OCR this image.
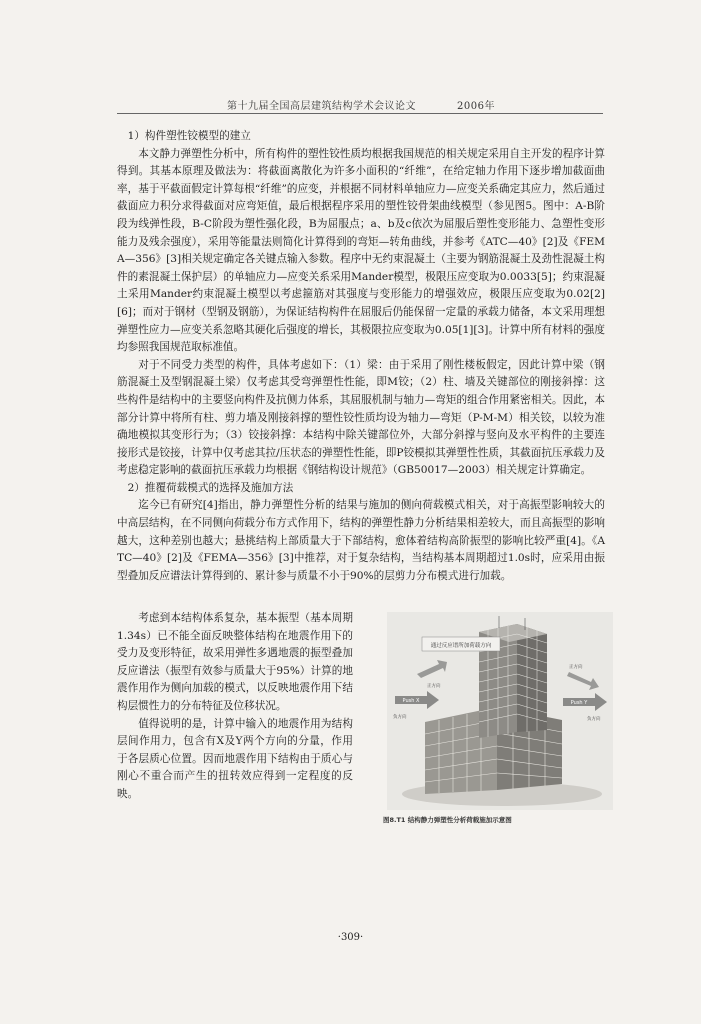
第十九届全国高层建筑结构学术会议论文	2006年

1）构件塑性铰模型的建立

本文静力弹塑性分析中，所有构件的塑性铰性质均根据我国规范的相关规定采用自主开发的程序计算得到。其基本原理及做法为：将截面离散化为许多小面积的“纤维”，在给定轴力作用下逐步增加截面曲率，基于平截面假定计算每根“纤维”的应变，并根据不同材料单轴应力—应变关系确定其应力，然后通过截面应力积分求得截面对应弯矩值，最后根据程序采用的塑性铰骨架曲线模型（参见图5。图中：A-B阶段为线弹性段，B-C阶段为塑性强化段，B为屈服点；a、b及c依次为屈服后塑性变形能力、急塑性变形能力及残余强度），采用等能量法则简化计算得到的弯矩—转角曲线，并参考《ATC—40》[2]及《FEMA—356》[3]相关规定确定各关键点输入参数。程序中无约束混凝土（主要为钢筋混凝土及劲性混凝土构件的素混凝土保护层）的单轴应力—应变关系采用Mander模型，极限压应变取为0.0033[5]；约束混凝土采用Mander约束混凝土模型以考虑箍筋对其强度与变形能力的增强效应，极限压应变取为0.02[2][6]；而对于钢材（型钢及钢筋），为保证结构构件在屈服后仍能保留一定量的承载力储备，本文采用理想弹塑性应力—应变关系忽略其硬化后强度的增长，其极限拉应变取为0.05[1][3]。计算中所有材料的强度均参照我国规范取标准值。

对于不同受力类型的构件，具体考虑如下：（1）梁：由于采用了刚性楼板假定，因此计算中梁（钢筋混凝土及型钢混凝土梁）仅考虑其受弯弹塑性性能，即M铰；（2）柱、墙及关键部位的刚接斜撑：这些构件是结构中的主要竖向构件及抗侧力体系，其屈服机制与轴力—弯矩的组合作用紧密相关。因此，本部分计算中将所有柱、剪力墙及刚接斜撑的塑性铰性质均设为轴力—弯矩（P-M-M）相关铰，以较为准确地模拟其变形行为；（3）铰接斜撑：本结构中除关键部位外，大部分斜撑与竖向及水平构件的主要连接形式是铰接，计算中仅考虑其拉/压状态的弹塑性性能，即P铰模拟其弹塑性性质，其截面抗压承载力及考虑稳定影响的截面抗压承载力均根据《钢结构设计规范》（GB50017—2003）相关规定计算确定。

2）推覆荷载模式的选择及施加方法

迄今已有研究[4]指出，静力弹塑性分析的结果与施加的侧向荷载模式相关，对于高振型影响较大的中高层结构，在不同侧向荷载分布方式作用下，结构的弹塑性静力分析结果相差较大，而且高振型的影响越大，这种差别也越大；悬挑结构上部质量大于下部结构，愈体着结构高阶振型的影响比较严重[4]。《ATC—40》[2]及《FEMA—356》[3]中推荐，对于复杂结构，当结构基本周期超过1.0s时，应采用由振型叠加反应谱法计算得到的、累计参与质量不小于90%的层剪力分布模式进行加载。

考虑到本结构体系复杂，基本振型（基本周期1.34s）已不能全面反映整体结构在地震作用下的受力及变形特征，故采用弹性多遇地震的振型叠加反应谱法（振型有效参与质量大于95%）计算的地震作用作为侧向加载的模式，以反映地震作用下结构层惯性力的分布特征及位移状况。

值得说明的是，计算中输入的地震作用为结构层间作用力，包含有X及Y两个方向的分量，作用于各层质心位置。因而地震作用下结构由于质心与刚心不重合而产生的扭转效应得到一定程度的反映。

通过反应谱所加荷载方向
Push X
正方向
负方向
Push Y
正方向
负方向
图8.T1 结构静力弹塑性分析荷载施加示意图
·309·
